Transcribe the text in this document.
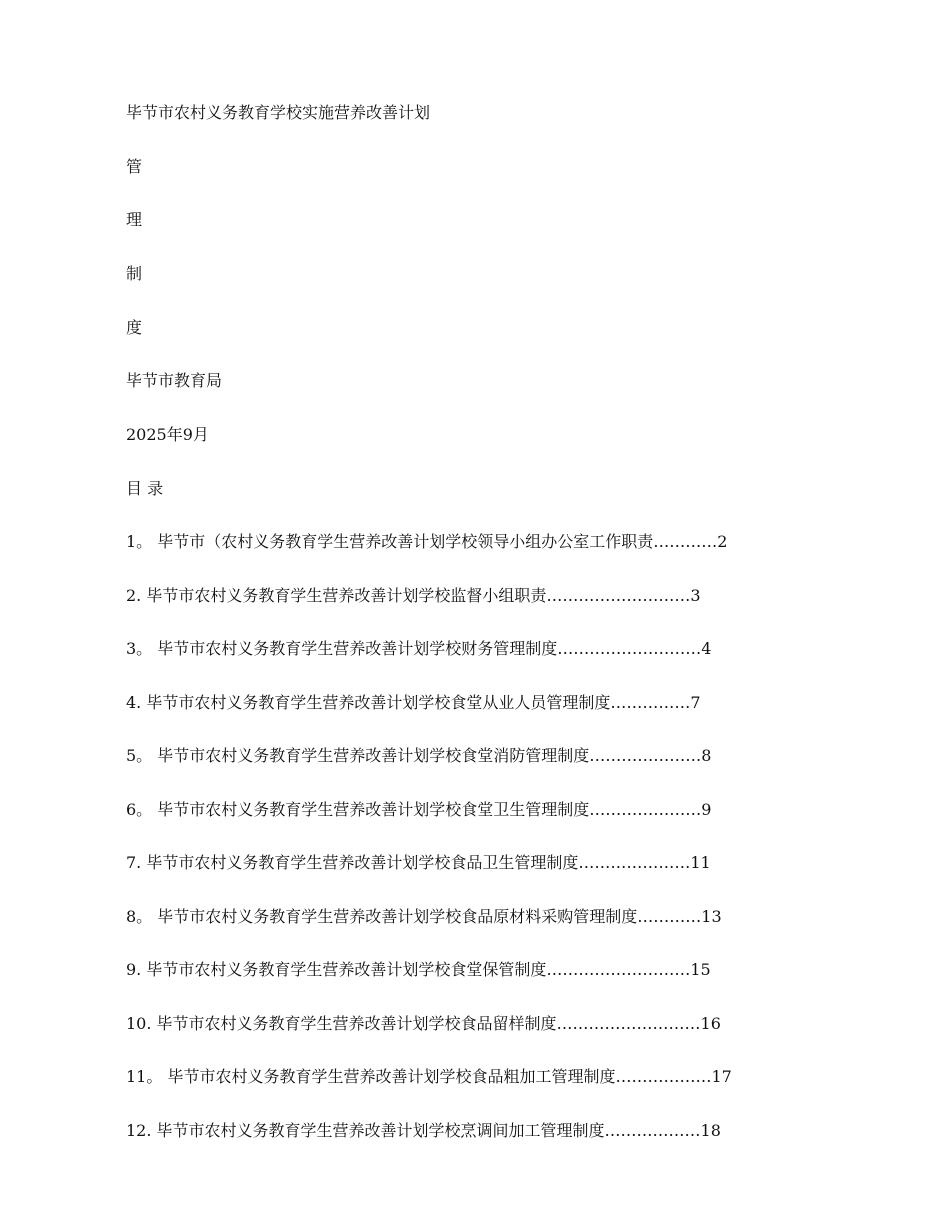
毕节市农村义务教育学校实施营养改善计划
管
理
制
度
毕节市教育局
2025年9月
目 录
1。 毕节市（农村义务教育学生营养改善计划学校领导小组办公室工作职责…………2
2. 毕节市农村义务教育学生营养改善计划学校监督小组职责………………………3
3。 毕节市农村义务教育学生营养改善计划学校财务管理制度………………………4
4. 毕节市农村义务教育学生营养改善计划学校食堂从业人员管理制度……………7
5。 毕节市农村义务教育学生营养改善计划学校食堂消防管理制度…………………8
6。 毕节市农村义务教育学生营养改善计划学校食堂卫生管理制度…………………9
7. 毕节市农村义务教育学生营养改善计划学校食品卫生管理制度…………………11
8。 毕节市农村义务教育学生营养改善计划学校食品原材料采购管理制度…………13
9. 毕节市农村义务教育学生营养改善计划学校食堂保管制度………………………15
10. 毕节市农村义务教育学生营养改善计划学校食品留样制度………………………16
11。 毕节市农村义务教育学生营养改善计划学校食品粗加工管理制度………………17
12. 毕节市农村义务教育学生营养改善计划学校烹调间加工管理制度………………18
